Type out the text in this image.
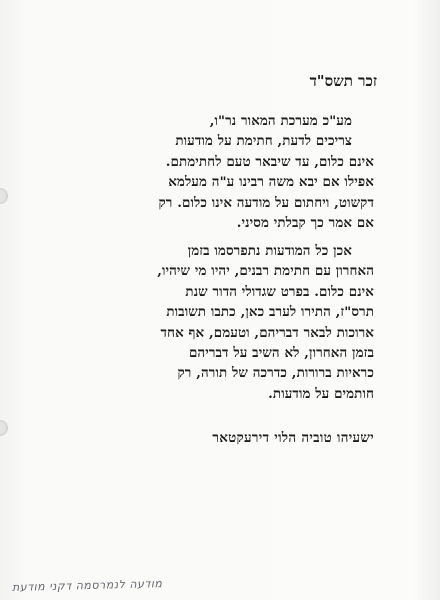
זכר תשס"ד
מע"כ מערכת המאור נר"ו,
צריכים לדעת, חתימת על מודעות
אינם כלום, עד שיבאר טעם לחתימתם.
אפילו אם יבא משה רבינו ע"ה מעלמא
דקשוט, ויחתום על מודעה אינו כלום. רק
אם אמר כך קבלתי מסיני.
אכן כל המודעות נתפרסמו בזמן
האחרון עם חתימת רבנים, יהיו מי שיהיו,
אינם כלום. בפרט שגדולי הדור שנת
תרס"ז, התירו לערב כאן, כתבו תשובות
ארוכות לבאר דבריהם, וטעמם, אף אחד
בזמן האחרון, לא השיב על דבריהם
כראיות ברורות, כדרכה של תורה, רק
חותמים על מודעות.
ישעיהו טוביה הלוי דירעקטאר
מודעה לנמרסמה דקני מודעת
